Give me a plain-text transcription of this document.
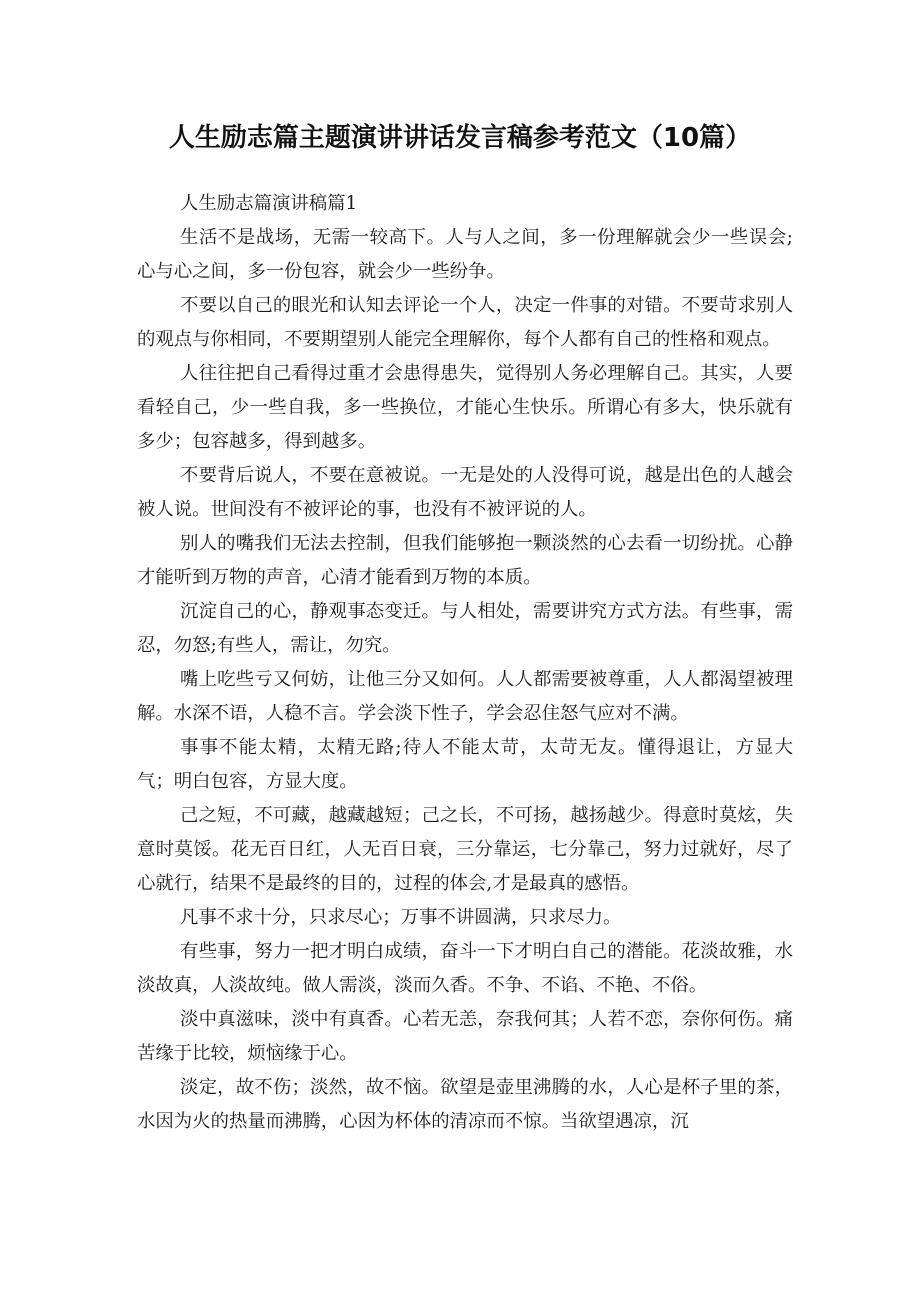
人生励志篇主题演讲讲话发言稿参考范文（10篇）

人生励志篇演讲稿篇1

生活不是战场，无需一较高下。人与人之间，多一份理解就会少一些误会;心与心之间，多一份包容，就会少一些纷争。

不要以自己的眼光和认知去评论一个人，决定一件事的对错。不要苛求别人的观点与你相同，不要期望别人能完全理解你，每个人都有自己的性格和观点。

人往往把自己看得过重才会患得患失，觉得别人务必理解自己。其实，人要看轻自己，少一些自我，多一些换位，才能心生快乐。所谓心有多大，快乐就有多少；包容越多，得到越多。

不要背后说人，不要在意被说。一无是处的人没得可说，越是出色的人越会被人说。世间没有不被评论的事，也没有不被评说的人。

别人的嘴我们无法去控制，但我们能够抱一颗淡然的心去看一切纷扰。心静才能听到万物的声音，心清才能看到万物的本质。

沉淀自己的心，静观事态变迁。与人相处，需要讲究方式方法。有些事，需忍，勿怒;有些人，需让，勿究。

嘴上吃些亏又何妨，让他三分又如何。人人都需要被尊重，人人都渴望被理解。水深不语，人稳不言。学会淡下性子，学会忍住怒气应对不满。

事事不能太精，太精无路;待人不能太苛，太苛无友。懂得退让，方显大气；明白包容，方显大度。

己之短，不可藏，越藏越短；己之长，不可扬，越扬越少。得意时莫炫，失意时莫馁。花无百日红，人无百日衰，三分靠运，七分靠己，努力过就好，尽了心就行，结果不是最终的目的，过程的体会,才是最真的感悟。

凡事不求十分，只求尽心；万事不讲圆满，只求尽力。

有些事，努力一把才明白成绩，奋斗一下才明白自己的潜能。花淡故雅，水淡故真，人淡故纯。做人需淡，淡而久香。不争、不谄、不艳、不俗。

淡中真滋味，淡中有真香。心若无恙，奈我何其；人若不恋，奈你何伤。痛苦缘于比较，烦恼缘于心。

淡定，故不伤；淡然，故不恼。欲望是壶里沸腾的水，人心是杯子里的茶，水因为火的热量而沸腾，心因为杯体的清凉而不惊。当欲望遇凉，沉
